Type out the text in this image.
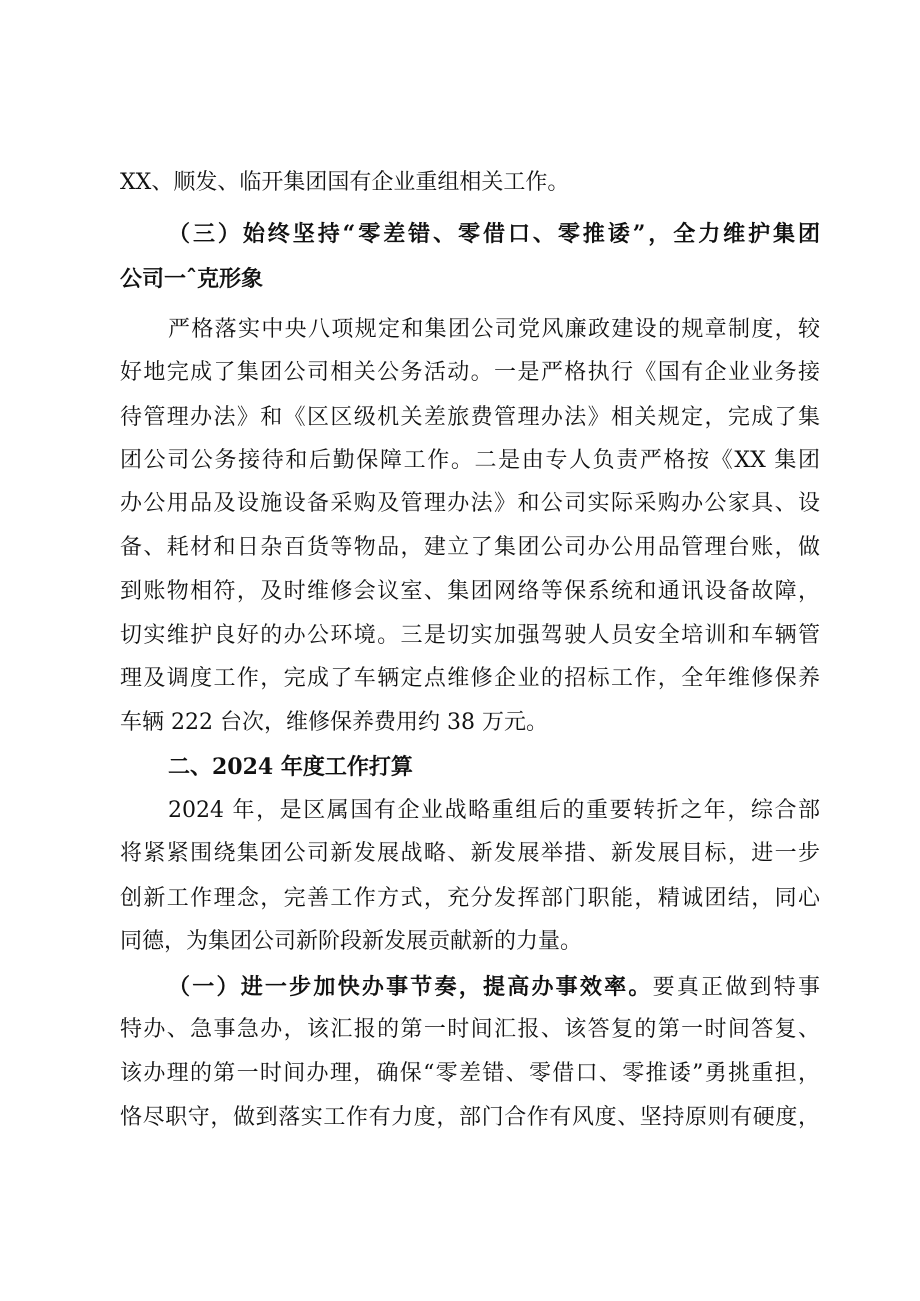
XX、顺发、临开集团国有企业重组相关工作。
（三）始终坚持“零差错、零借口、零推诿”，全力维护集团
公司一ˆ克形象
严格落实中央八项规定和集团公司党风廉政建设的规章制度，较
好地完成了集团公司相关公务活动。一是严格执行《国有企业业务接
待管理办法》和《区区级机关差旅费管理办法》相关规定，完成了集
团公司公务接待和后勤保障工作。二是由专人负责严格按《XX 集团
办公用品及设施设备采购及管理办法》和公司实际采购办公家具、设
备、耗材和日杂百货等物品，建立了集团公司办公用品管理台账，做
到账物相符，及时维修会议室、集团网络等保系统和通讯设备故障，
切实维护良好的办公环境。三是切实加强驾驶人员安全培训和车辆管
理及调度工作，完成了车辆定点维修企业的招标工作，全年维修保养
车辆 222 台次，维修保养费用约 38 万元。
二、2024 年度工作打算
2024 年，是区属国有企业战略重组后的重要转折之年，综合部
将紧紧围绕集团公司新发展战略、新发展举措、新发展目标，进一步
创新工作理念，完善工作方式，充分发挥部门职能，精诚团结，同心
同德，为集团公司新阶段新发展贡献新的力量。
（一）进一步加快办事节奏，提高办事效率。要真正做到特事
特办、急事急办，该汇报的第一时间汇报、该答复的第一时间答复、
该办理的第一时间办理，确保“零差错、零借口、零推诿”勇挑重担，
恪尽职守，做到落实工作有力度，部门合作有风度、坚持原则有硬度，
